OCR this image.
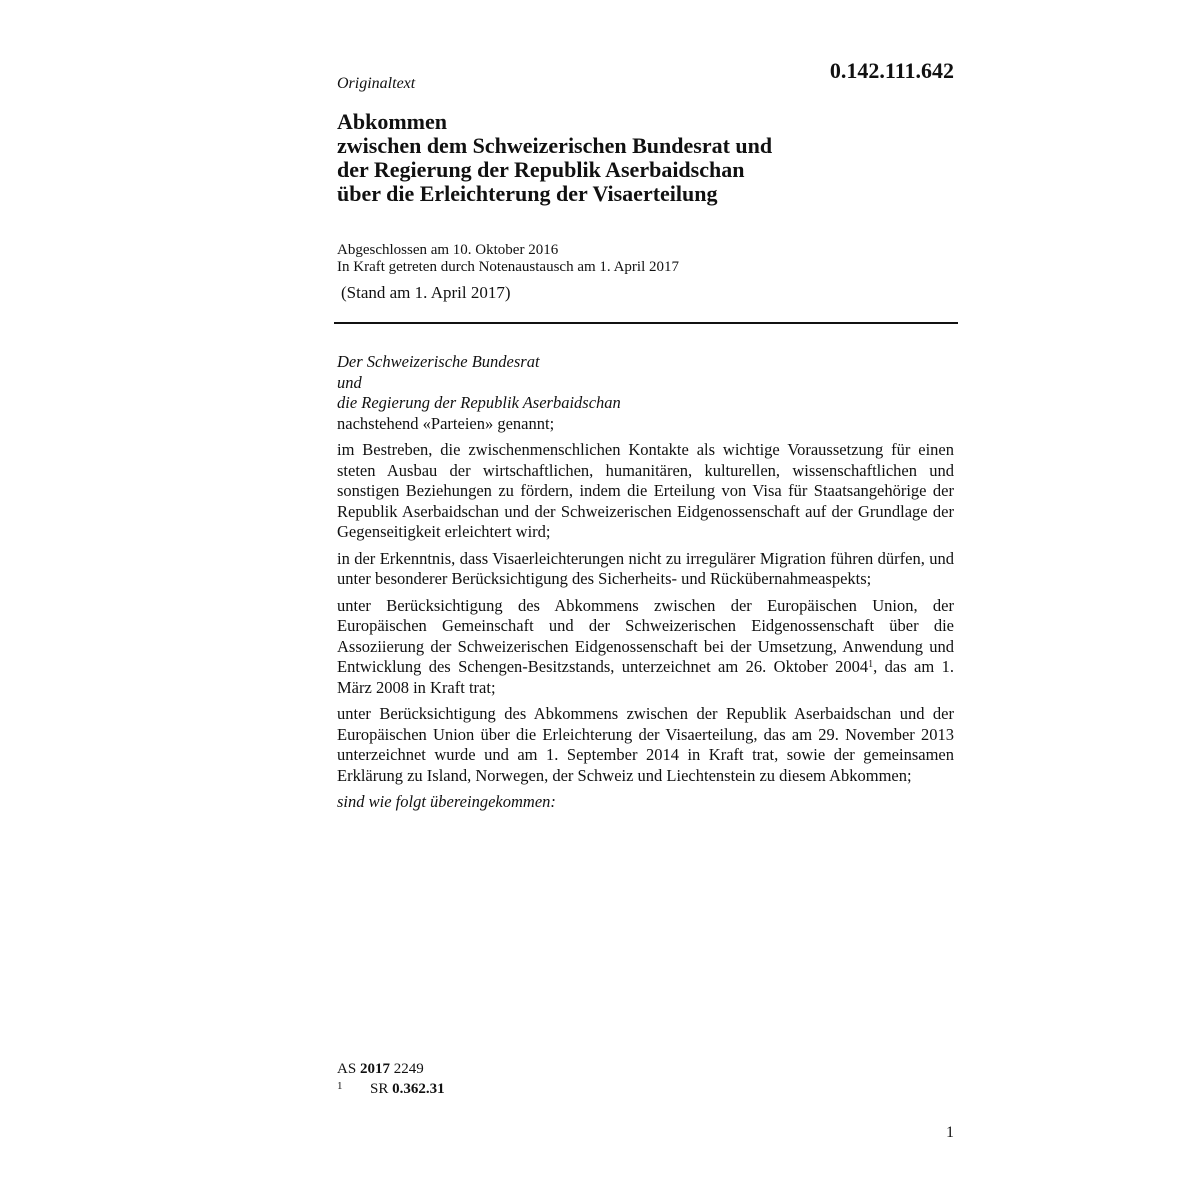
Originaltext

0.142.111.642

Abkommen
zwischen dem Schweizerischen Bundesrat und
der Regierung der Republik Aserbaidschan
über die Erleichterung der Visaerteilung
Abgeschlossen am 10. Oktober 2016
In Kraft getreten durch Notenaustausch am 1. April 2017

(Stand am 1. April 2017)

Der Schweizerische Bundesrat

und

die Regierung der Republik Aserbaidschan

nachstehend «Parteien» genannt;

im Bestreben, die zwischenmenschlichen Kontakte als wichtige Voraussetzung für einen steten Ausbau der wirtschaftlichen, humanitären, kulturellen, wissenschaftlichen und sonstigen Beziehungen zu fördern, indem die Erteilung von Visa für Staatsangehörige der Republik Aserbaidschan und der Schweizerischen Eidgenossenschaft auf der Grundlage der Gegenseitigkeit erleichtert wird;

in der Erkenntnis, dass Visaerleichterungen nicht zu irregulärer Migration führen dürfen, und unter besonderer Berücksichtigung des Sicherheits- und Rückübernahmeaspekts;

unter Berücksichtigung des Abkommens zwischen der Europäischen Union, der Europäischen Gemeinschaft und der Schweizerischen Eidgenossenschaft über die Assoziierung der Schweizerischen Eidgenossenschaft bei der Umsetzung, Anwendung und Entwicklung des Schengen-Besitzstands, unterzeichnet am 26. Oktober 2004$^1$, das am 1. März 2008 in Kraft trat;

unter Berücksichtigung des Abkommens zwischen der Republik Aserbaidschan und der Europäischen Union über die Erleichterung der Visaerteilung, das am 29. November 2013 unterzeichnet wurde und am 1. September 2014 in Kraft trat, sowie der gemeinsamen Erklärung zu Island, Norwegen, der Schweiz und Liechtenstein zu diesem Abkommen;

sind wie folgt übereingekommen:

AS 2017 2249
1	SR 0.362.31

1
